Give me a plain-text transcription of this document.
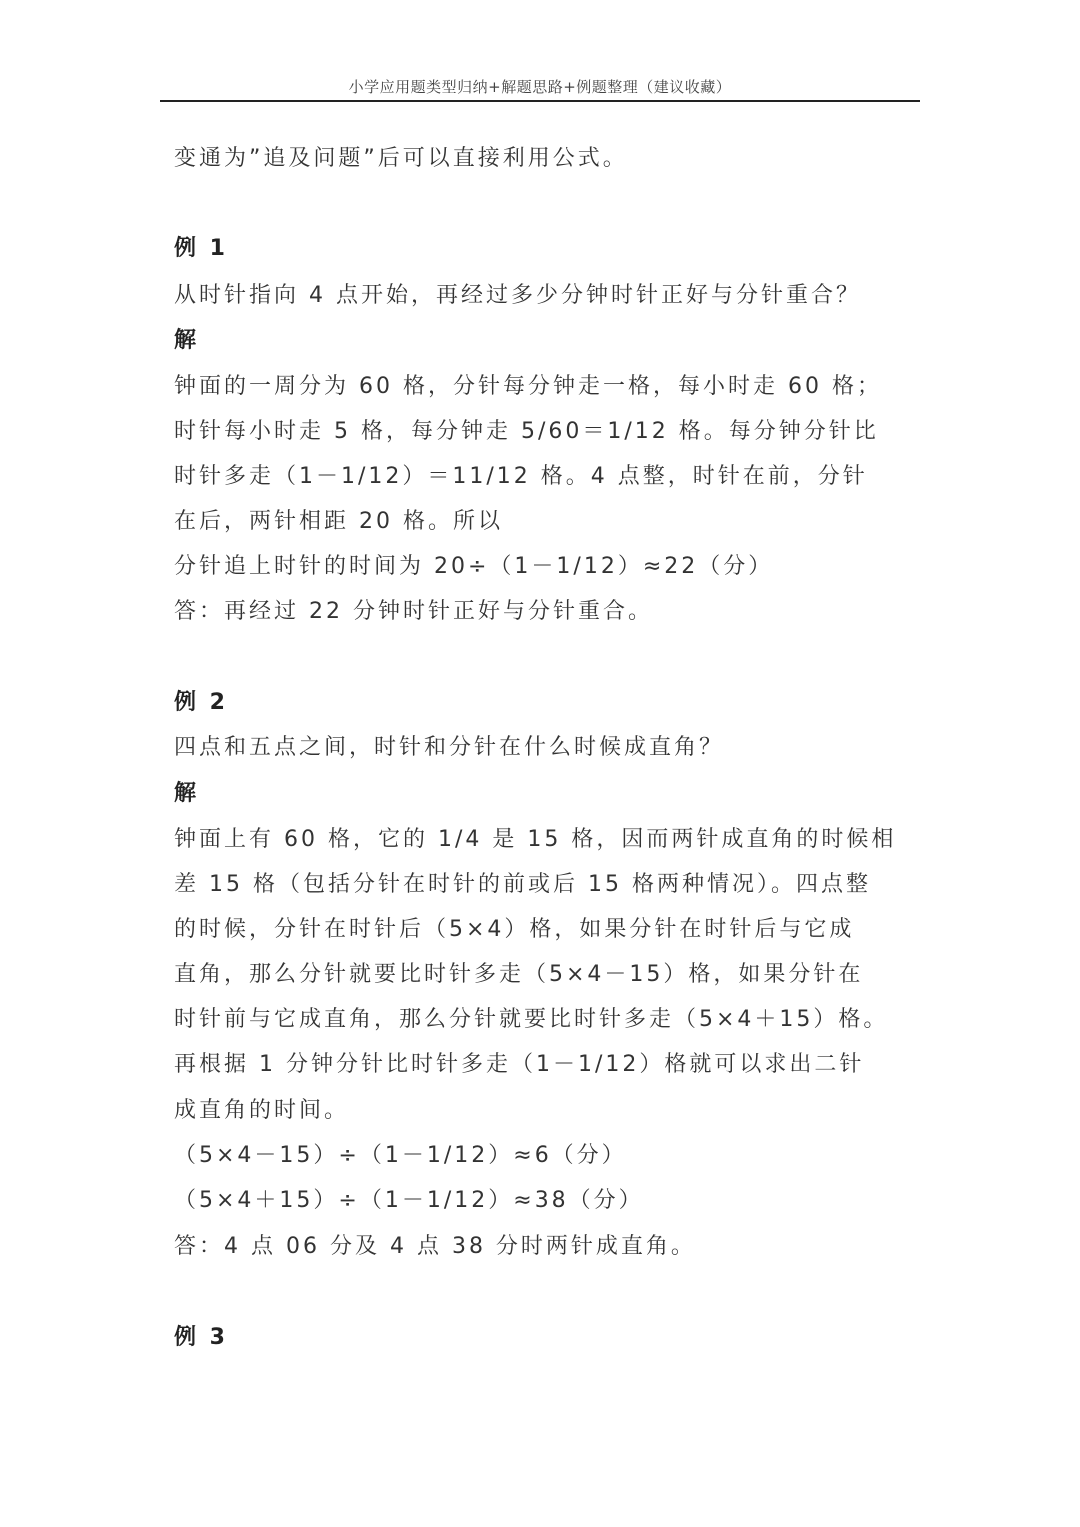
小学应用题类型归纳+解题思路+例题整理（建议收藏）
变通为”追及问题”后可以直接利用公式。
例 1
从时针指向 4 点开始，再经过多少分钟时针正好与分针重合？
解
钟面的一周分为 60 格，分针每分钟走一格，每小时走 60 格；
时针每小时走 5 格，每分钟走 5/60＝1/12 格。每分钟分针比
时针多走（1－1/12）＝11/12 格。4 点整，时针在前，分针
在后，两针相距 20 格。所以
分针追上时针的时间为 20÷（1－1/12）≈22（分）
答：再经过 22 分钟时针正好与分针重合。
例 2
四点和五点之间，时针和分针在什么时候成直角？
解
钟面上有 60 格，它的 1/4 是 15 格，因而两针成直角的时候相
差 15 格（包括分针在时针的前或后 15 格两种情况）。四点整
的时候，分针在时针后（5×4）格，如果分针在时针后与它成
直角，那么分针就要比时针多走（5×4－15）格，如果分针在
时针前与它成直角，那么分针就要比时针多走（5×4＋15）格。
再根据 1 分钟分针比时针多走（1－1/12）格就可以求出二针
成直角的时间。
（5×4－15）÷（1－1/12）≈6（分）
（5×4＋15）÷（1－1/12）≈38（分）
答：4 点 06 分及 4 点 38 分时两针成直角。
例 3
